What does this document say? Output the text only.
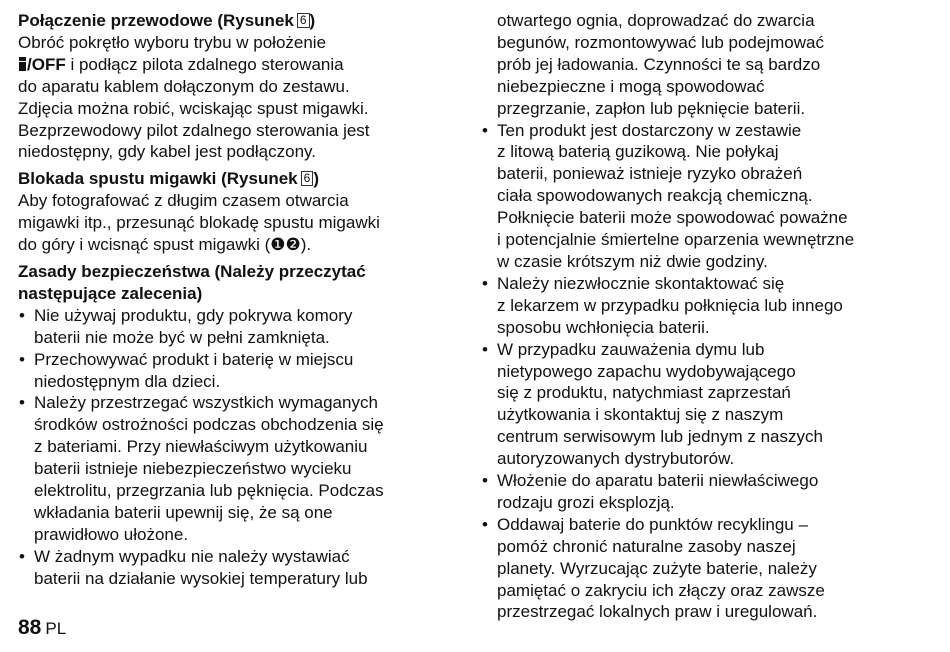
Połączenie przewodowe (Rysunek 6 )
Obróć pokrętło wyboru trybu w położenie
/OFF i podłącz pilota zdalnego sterowania
do aparatu kablem dołączonym do zestawu.
Zdjęcia można robić, wciskając spust migawki.
Bezprzewodowy pilot zdalnego sterowania jest
niedostępny, gdy kabel jest podłączony.
Blokada spustu migawki (Rysunek 6 )
Aby fotografować z długim czasem otwarcia
migawki itp., przesunąć blokadę spustu migawki
do góry i wcisnąć spust migawki (❶❷).
Zasady bezpieczeństwa (Należy przeczytać
następujące zalecenia)
• Nie używaj produktu, gdy pokrywa komory
baterii nie może być w pełni zamknięta.
• Przechowywać produkt i baterię w miejscu
niedostępnym dla dzieci.
• Należy przestrzegać wszystkich wymaganych
środków ostrożności podczas obchodzenia się
z bateriami. Przy niewłaściwym użytkowaniu
baterii istnieje niebezpieczeństwo wycieku
elektrolitu, przegrzania lub pęknięcia. Podczas
wkładania baterii upewnij się, że są one
prawidłowo ułożone.
• W żadnym wypadku nie należy wystawiać
baterii na działanie wysokiej temperatury lub
otwartego ognia, doprowadzać do zwarcia
begunów, rozmontowywać lub podejmować
prób jej ładowania. Czynności te są bardzo
niebezpieczne i mogą spowodować
przegrzanie, zapłon lub pęknięcie baterii.
• Ten produkt jest dostarczony w zestawie
z litową baterią guzikową. Nie połykaj
baterii, ponieważ istnieje ryzyko obrażeń
ciała spowodowanych reakcją chemiczną.
Połknięcie baterii może spowodować poważne
i potencjalnie śmiertelne oparzenia wewnętrzne
w czasie krótszym niż dwie godziny.
• Należy niezwłocznie skontaktować się
z lekarzem w przypadku połknięcia lub innego
sposobu wchłonięcia baterii.
• W przypadku zauważenia dymu lub
nietypowego zapachu wydobywającego
się z produktu, natychmiast zaprzestań
użytkowania i skontaktuj się z naszym
centrum serwisowym lub jednym z naszych
autoryzowanych dystrybutorów.
• Włożenie do aparatu baterii niewłaściwego
rodzaju grozi eksplozją.
• Oddawaj baterie do punktów recyklingu –
pomóż chronić naturalne zasoby naszej
planety. Wyrzucając zużyte baterie, należy
pamiętać o zakryciu ich złączy oraz zawsze
przestrzegać lokalnych praw i uregulowań.
88 PL
